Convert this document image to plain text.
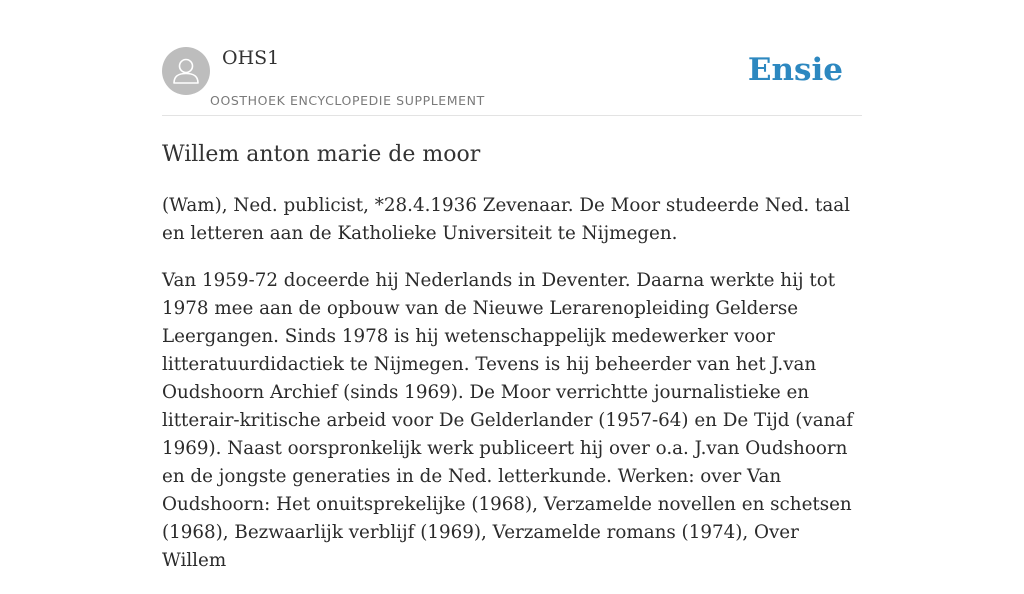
OHS1
OOSTHOEK ENCYCLOPEDIE SUPPLEMENT
Ensie
Willem anton marie de moor

(Wam), Ned. publicist, *28.4.1936 Zevenaar. De Moor studeerde Ned. taal en letteren aan de Katholieke Universiteit te Nijmegen.

Van 1959-72 doceerde hij Nederlands in Deventer. Daarna werkte hij tot 1978 mee aan de opbouw van de Nieuwe Lerarenopleiding Gelderse Leergangen. Sinds 1978 is hij wetenschappelijk medewerker voor litteratuurdidactiek te Nijmegen. Tevens is hij beheerder van het J.van Oudshoorn Archief (sinds 1969). De Moor verrichtte journalistieke en litterair-kritische arbeid voor De Gelderlander (1957-64) en De Tijd (vanaf 1969). Naast oorspronkelijk werk publiceert hij over o.a. J.van Oudshoorn en de jongste generaties in de Ned. letterkunde. Werken: over Van Oudshoorn: Het onuitsprekelijke (1968), Verzamelde novellen en schetsen (1968), Bezwaarlijk verblijf (1969), Verzamelde romans (1974), Over Willem
